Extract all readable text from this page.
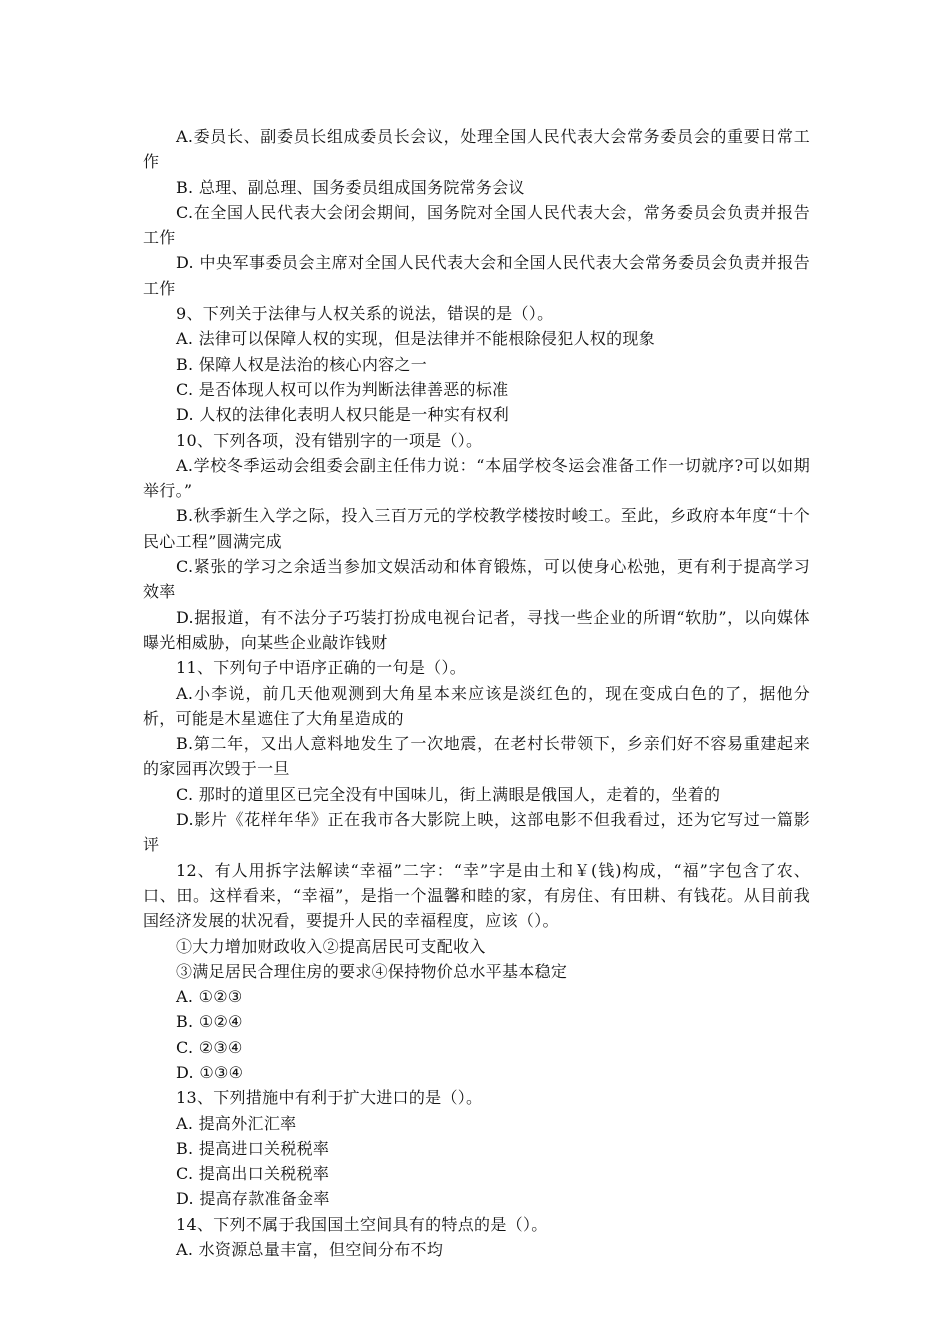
A.委员长、副委员长组成委员长会议，处理全国人民代表大会常务委员会的重要日常工作

B. 总理、副总理、国务委员组成国务院常务会议

C.在全国人民代表大会闭会期间，国务院对全国人民代表大会，常务委员会负责并报告工作

D. 中央军事委员会主席对全国人民代表大会和全国人民代表大会常务委员会负责并报告工作

9、下列关于法律与人权关系的说法，错误的是（）。

A. 法律可以保障人权的实现，但是法律并不能根除侵犯人权的现象

B. 保障人权是法治的核心内容之一

C. 是否体现人权可以作为判断法律善恶的标准

D. 人权的法律化表明人权只能是一种实有权利

10、下列各项，没有错别字的一项是（）。

A.学校冬季运动会组委会副主任伟力说：“本届学校冬运会准备工作一切就序?可以如期举行。”

B.秋季新生入学之际，投入三百万元的学校教学楼按时峻工。至此，乡政府本年度“十个民心工程”圆满完成

C.紧张的学习之余适当参加文娱活动和体育锻炼，可以使身心松弛，更有利于提高学习效率

D.据报道，有不法分子巧装打扮成电视台记者，寻找一些企业的所谓“软肋”，以向媒体曝光相威胁，向某些企业敲诈钱财

11、下列句子中语序正确的一句是（）。

A.小李说，前几天他观测到大角星本来应该是淡红色的，现在变成白色的了，据他分析，可能是木星遮住了大角星造成的

B.第二年，又出人意料地发生了一次地震，在老村长带领下，乡亲们好不容易重建起来的家园再次毁于一旦

C. 那时的道里区已完全没有中国味儿，街上满眼是俄国人，走着的，坐着的

D.影片《花样年华》正在我市各大影院上映，这部电影不但我看过，还为它写过一篇影评

12、有人用拆字法解读“幸福”二字：“幸”字是由土和￥(钱)构成，“福”字包含了农、口、田。这样看来，“幸福”，是指一个温馨和睦的家，有房住、有田耕、有钱花。从目前我国经济发展的状况看，要提升人民的幸福程度，应该（）。

①大力增加财政收入②提高居民可支配收入

③满足居民合理住房的要求④保持物价总水平基本稳定

A. ①②③

B. ①②④

C. ②③④

D. ①③④

13、下列措施中有利于扩大进口的是（）。

A. 提高外汇汇率

B. 提高进口关税税率

C. 提高出口关税税率

D. 提高存款准备金率

14、下列不属于我国国土空间具有的特点的是（）。

A. 水资源总量丰富，但空间分布不均
